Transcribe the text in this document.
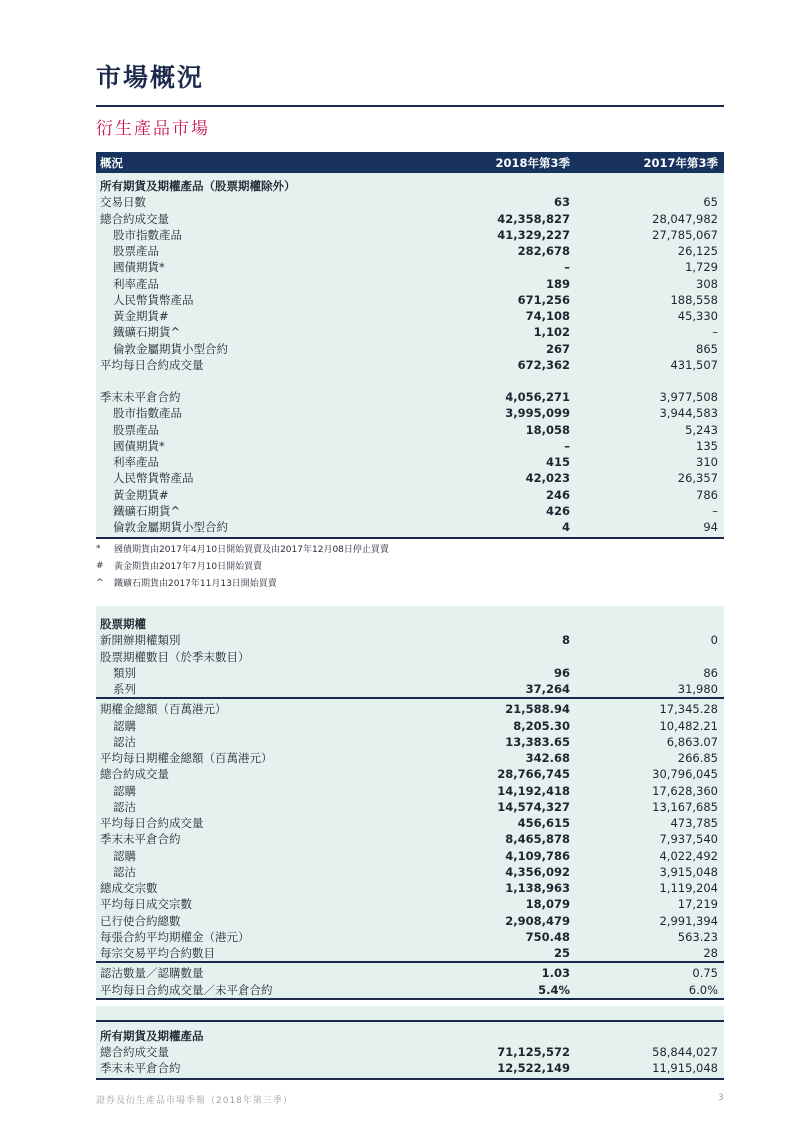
市場概況
衍生產品市場
概況	2018年第3季	2017年第3季
所有期貨及期權產品（股票期權除外）
交易日數	63	65
總合約成交量	42,358,827	28,047,982
股市指數產品	41,329,227	27,785,067
股票產品	282,678	26,125
國債期貨*	–	1,729
利率產品	189	308
人民幣貨幣產品	671,256	188,558
黃金期貨#	74,108	45,330
鐵礦石期貨^	1,102	–
倫敦金屬期貨小型合約	267	865
平均每日合約成交量	672,362	431,507
季末未平倉合約	4,056,271	3,977,508
股市指數產品	3,995,099	3,944,583
股票產品	18,058	5,243
國債期貨*	–	135
利率產品	415	310
人民幣貨幣產品	42,023	26,357
黃金期貨#	246	786
鐵礦石期貨^	426	–
倫敦金屬期貨小型合約	4	94
*	國債期貨由2017年4月10日開始買賣及由2017年12月08日停止買賣
#	黃金期貨由2017年7月10日開始買賣
^	鐵礦石期貨由2017年11月13日開始買賣
股票期權
新開辦期權類別	8	0
股票期權數目（於季末數目）
類別	96	86
系列	37,264	31,980
期權金總額（百萬港元）	21,588.94	17,345.28
認購	8,205.30	10,482.21
認沽	13,383.65	6,863.07
平均每日期權金總額（百萬港元）	342.68	266.85
總合約成交量	28,766,745	30,796,045
認購	14,192,418	17,628,360
認沽	14,574,327	13,167,685
平均每日合約成交量	456,615	473,785
季末未平倉合約	8,465,878	7,937,540
認購	4,109,786	4,022,492
認沽	4,356,092	3,915,048
總成交宗數	1,138,963	1,119,204
平均每日成交宗數	18,079	17,219
已行使合約總數	2,908,479	2,991,394
每張合約平均期權金（港元）	750.48	563.23
每宗交易平均合約數目	25	28
認沽數量／認購數量	1.03	0.75
平均每日合約成交量／未平倉合約	5.4%	6.0%
所有期貨及期權產品
總合約成交量	71,125,572	58,844,027
季末未平倉合約	12,522,149	11,915,048
證券及衍生產品市場季報（2018年第三季）	3
